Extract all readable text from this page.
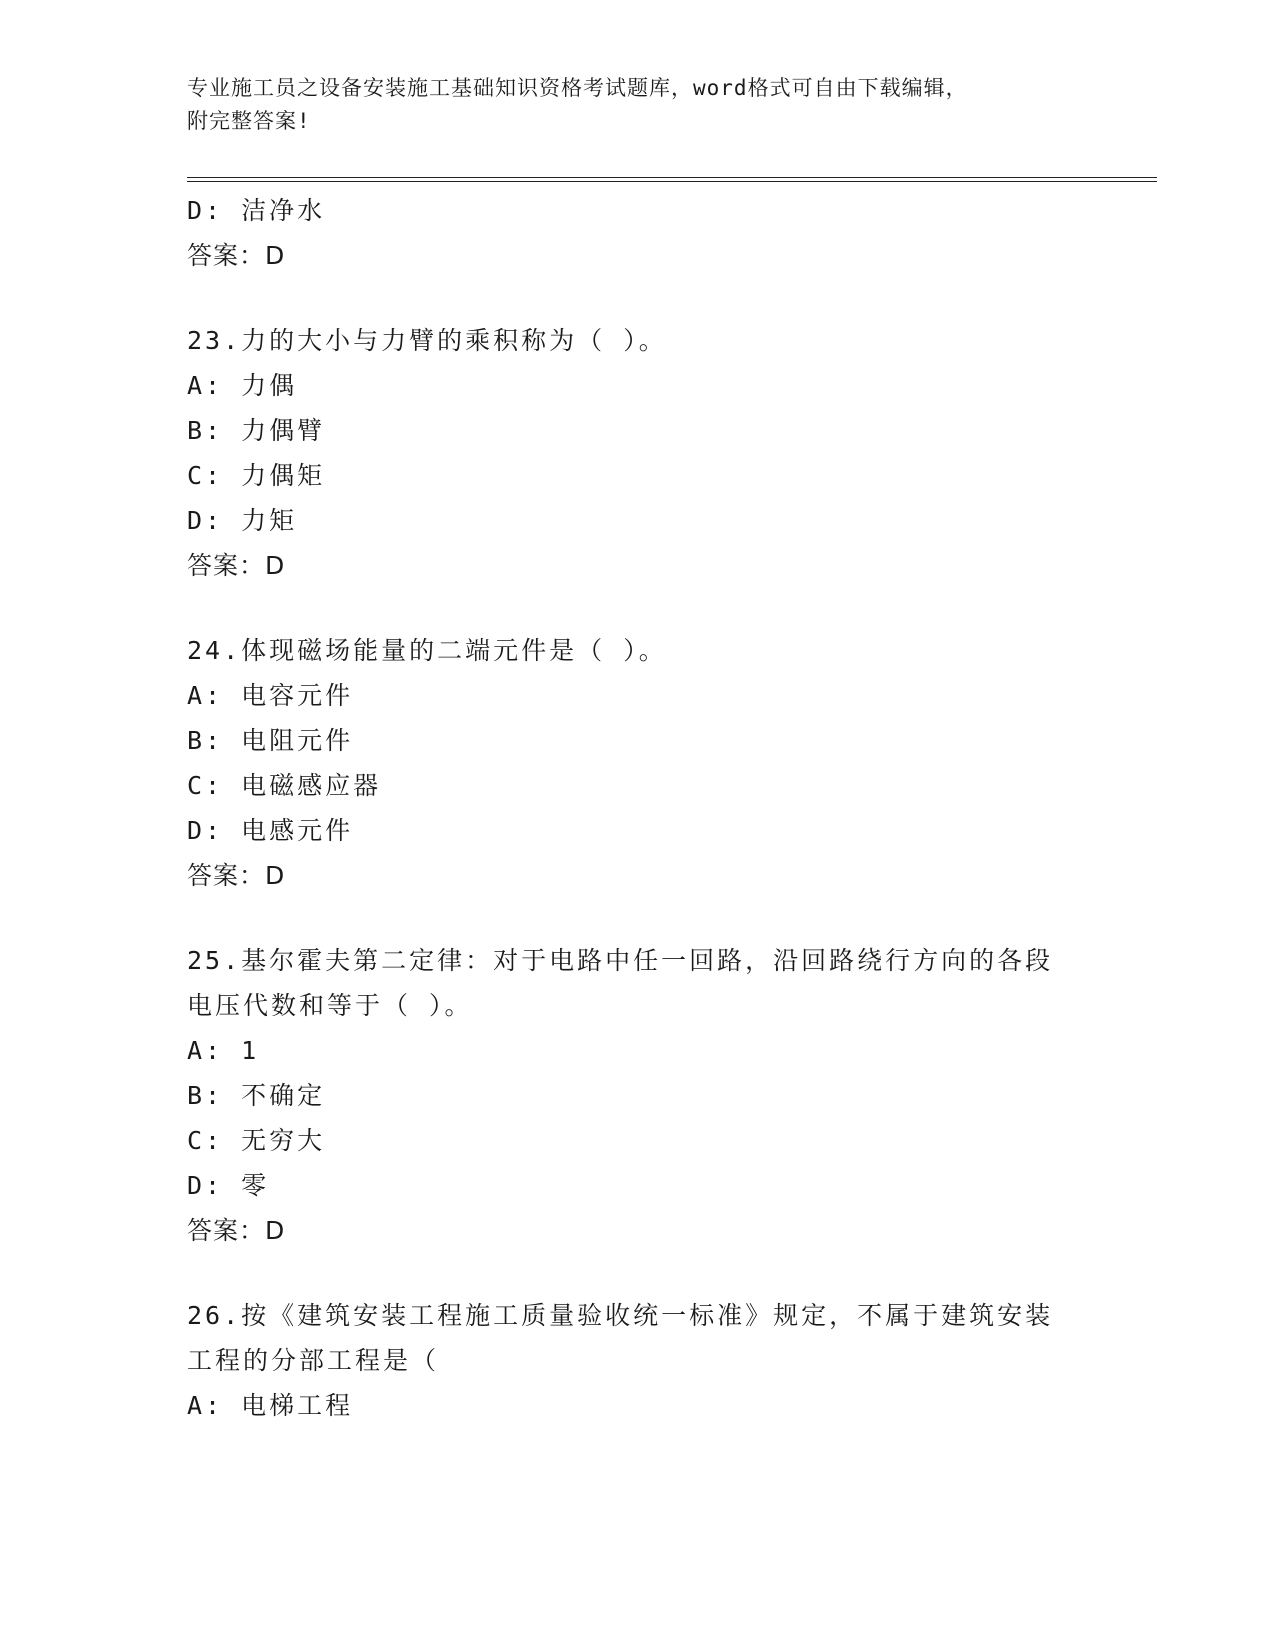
专业施工员之设备安装施工基础知识资格考试题库，word格式可自由下载编辑，
附完整答案!
D: 洁净水
答案：D
23.力的大小与力臂的乘积称为（ ）。
A: 力偶
B: 力偶臂
C: 力偶矩
D: 力矩
答案：D
24.体现磁场能量的二端元件是（ ）。
A: 电容元件
B: 电阻元件
C: 电磁感应器
D: 电感元件
答案：D
25.基尔霍夫第二定律：对于电路中任一回路，沿回路绕行方向的各段
电压代数和等于（ ）。
A: 1
B: 不确定
C: 无穷大
D: 零
答案：D
26.按《建筑安装工程施工质量验收统一标准》规定，不属于建筑安装
工程的分部工程是（
A: 电梯工程
